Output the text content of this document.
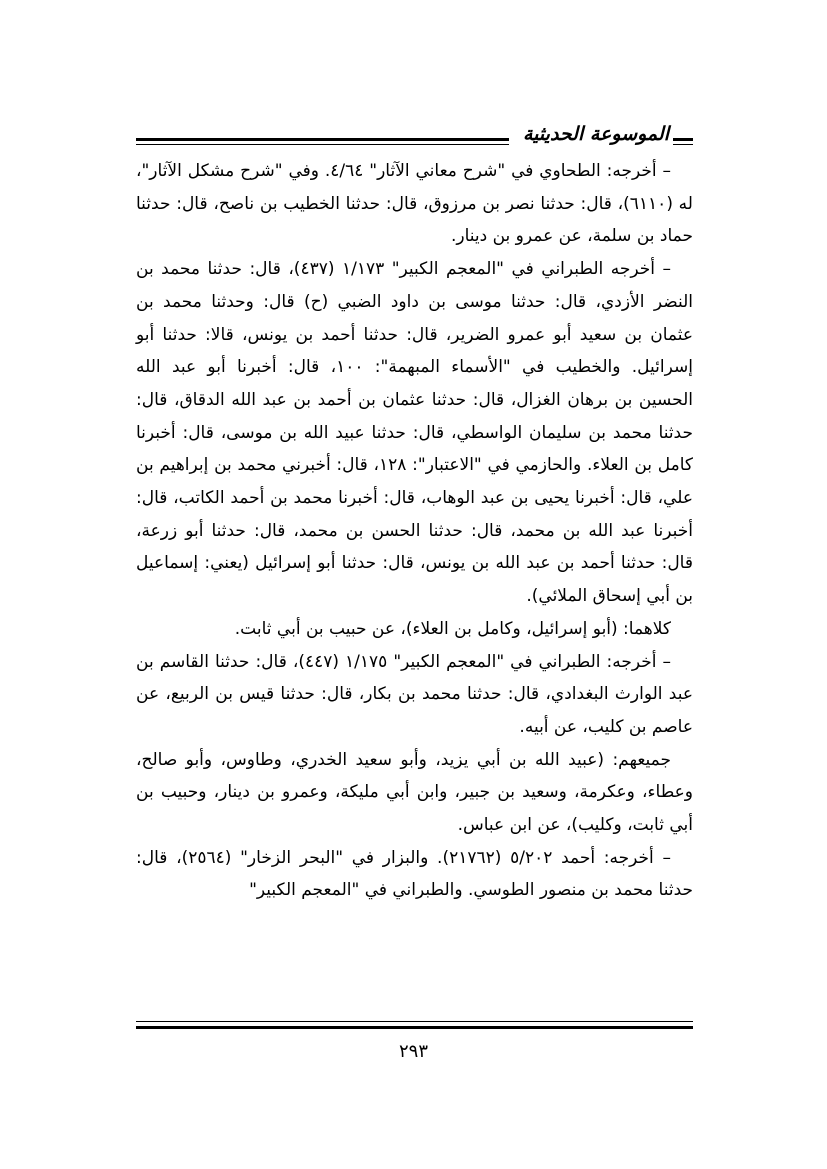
الموسوعة الحديثية

– أخرجه: الطحاوي في "شرح معاني الآثار" ٤/٦٤. وفي "شرح مشكل الآثار"، له (٦١١٠)، قال: حدثنا نصر بن مرزوق، قال: حدثنا الخطيب بن ناصح، قال: حدثنا حماد بن سلمة، عن عمرو بن دينار.

– أخرجه الطبراني في "المعجم الكبير" ١/١٧٣ (٤٣٧)، قال: حدثنا محمد بن النضر الأزدي، قال: حدثنا موسى بن داود الضبي (ح) قال: وحدثنا محمد بن عثمان بن سعيد أبو عمرو الضرير، قال: حدثنا أحمد بن يونس، قالا: حدثنا أبو إسرائيل. والخطيب في "الأسماء المبهمة": ١٠٠، قال: أخبرنا أبو عبد الله الحسين بن برهان الغزال، قال: حدثنا عثمان بن أحمد بن عبد الله الدقاق، قال: حدثنا محمد بن سليمان الواسطي، قال: حدثنا عبيد الله بن موسى، قال: أخبرنا كامل بن العلاء. والحازمي في "الاعتبار": ١٢٨، قال: أخبرني محمد بن إبراهيم بن علي، قال: أخبرنا يحيى بن عبد الوهاب، قال: أخبرنا محمد بن أحمد الكاتب، قال: أخبرنا عبد الله بن محمد، قال: حدثنا الحسن بن محمد، قال: حدثنا أبو زرعة، قال: حدثنا أحمد بن عبد الله بن يونس، قال: حدثنا أبو إسرائيل (يعني: إسماعيل بن أبي إسحاق الملائي).

كلاهما: (أبو إسرائيل، وكامل بن العلاء)، عن حبيب بن أبي ثابت.

– أخرجه: الطبراني في "المعجم الكبير" ١/١٧٥ (٤٤٧)، قال: حدثنا القاسم بن عبد الوارث البغدادي، قال: حدثنا محمد بن بكار، قال: حدثنا قيس بن الربيع، عن عاصم بن كليب، عن أبيه.

جميعهم: (عبيد الله بن أبي يزيد، وأبو سعيد الخدري، وطاوس، وأبو صالح، وعطاء، وعكرمة، وسعيد بن جبير، وابن أبي مليكة، وعمرو بن دينار، وحبيب بن أبي ثابت، وكليب)، عن ابن عباس.

– أخرجه: أحمد ٥/٢٠٢ (٢١٧٦٢). والبزار في "البحر الزخار" (٢٥٦٤)، قال: حدثنا محمد بن منصور الطوسي. والطبراني في "المعجم الكبير"

٢٩٣
